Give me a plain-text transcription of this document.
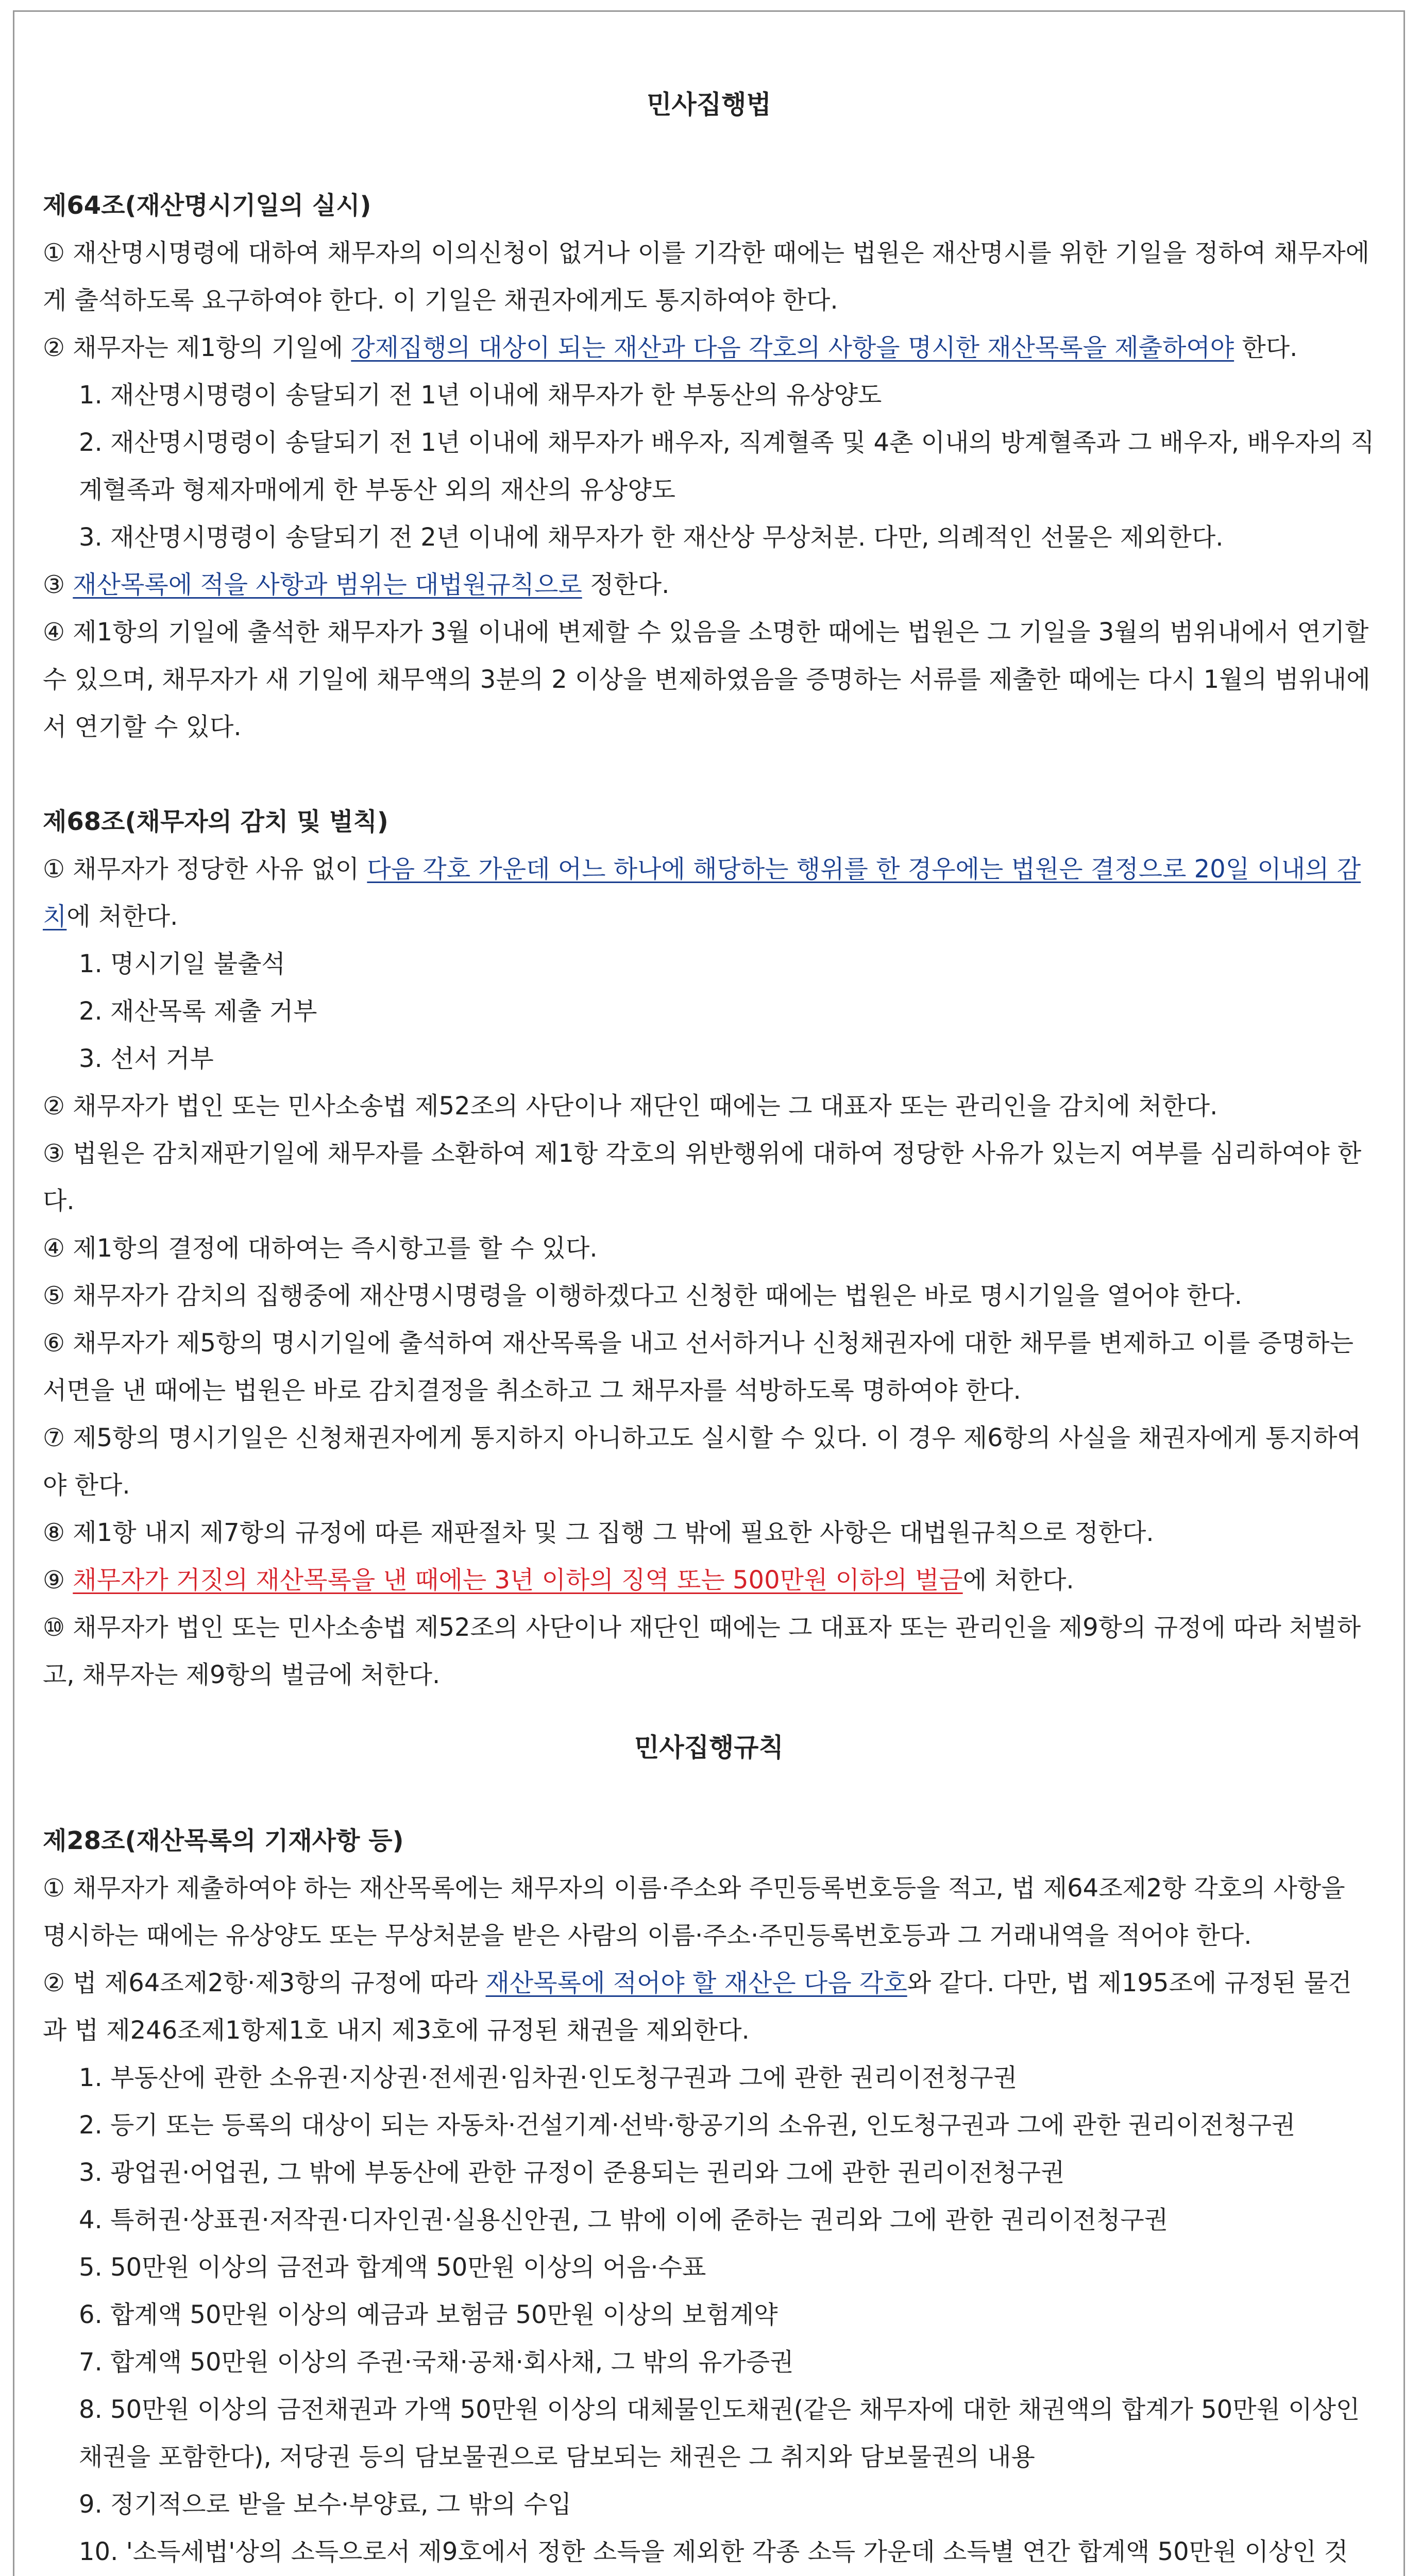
민사집행법
제64조(재산명시기일의 실시)

① 재산명시명령에 대하여 채무자의 이의신청이 없거나 이를 기각한 때에는 법원은 재산명시를 위한 기일을 정하여 채무자에게 출석하도록 요구하여야 한다. 이 기일은 채권자에게도 통지하여야 한다.

② 채무자는 제1항의 기일에 강제집행의 대상이 되는 재산과 다음 각호의 사항을 명시한 재산목록을 제출하여야 한다.

1. 재산명시명령이 송달되기 전 1년 이내에 채무자가 한 부동산의 유상양도

2. 재산명시명령이 송달되기 전 1년 이내에 채무자가 배우자, 직계혈족 및 4촌 이내의 방계혈족과 그 배우자, 배우자의 직계혈족과 형제자매에게 한 부동산 외의 재산의 유상양도

3. 재산명시명령이 송달되기 전 2년 이내에 채무자가 한 재산상 무상처분. 다만, 의례적인 선물은 제외한다.

③ 재산목록에 적을 사항과 범위는 대법원규칙으로 정한다.

④ 제1항의 기일에 출석한 채무자가 3월 이내에 변제할 수 있음을 소명한 때에는 법원은 그 기일을 3월의 범위내에서 연기할 수 있으며, 채무자가 새 기일에 채무액의 3분의 2 이상을 변제하였음을 증명하는 서류를 제출한 때에는 다시 1월의 범위내에서 연기할 수 있다.

제68조(채무자의 감치 및 벌칙)

① 채무자가 정당한 사유 없이 다음 각호 가운데 어느 하나에 해당하는 행위를 한 경우에는 법원은 결정으로 20일 이내의 감치에 처한다.

1. 명시기일 불출석

2. 재산목록 제출 거부

3. 선서 거부

② 채무자가 법인 또는 민사소송법 제52조의 사단이나 재단인 때에는 그 대표자 또는 관리인을 감치에 처한다.

③ 법원은 감치재판기일에 채무자를 소환하여 제1항 각호의 위반행위에 대하여 정당한 사유가 있는지 여부를 심리하여야 한다.

④ 제1항의 결정에 대하여는 즉시항고를 할 수 있다.

⑤ 채무자가 감치의 집행중에 재산명시명령을 이행하겠다고 신청한 때에는 법원은 바로 명시기일을 열어야 한다.

⑥ 채무자가 제5항의 명시기일에 출석하여 재산목록을 내고 선서하거나 신청채권자에 대한 채무를 변제하고 이를 증명하는 서면을 낸 때에는 법원은 바로 감치결정을 취소하고 그 채무자를 석방하도록 명하여야 한다.

⑦ 제5항의 명시기일은 신청채권자에게 통지하지 아니하고도 실시할 수 있다. 이 경우 제6항의 사실을 채권자에게 통지하여야 한다.

⑧ 제1항 내지 제7항의 규정에 따른 재판절차 및 그 집행 그 밖에 필요한 사항은 대법원규칙으로 정한다.

⑨ 채무자가 거짓의 재산목록을 낸 때에는 3년 이하의 징역 또는 500만원 이하의 벌금에 처한다.

⑩ 채무자가 법인 또는 민사소송법 제52조의 사단이나 재단인 때에는 그 대표자 또는 관리인을 제9항의 규정에 따라 처벌하고, 채무자는 제9항의 벌금에 처한다.

민사집행규칙
제28조(재산목록의 기재사항 등)

① 채무자가 제출하여야 하는 재산목록에는 채무자의 이름·주소와 주민등록번호등을 적고, 법 제64조제2항 각호의 사항을 명시하는 때에는 유상양도 또는 무상처분을 받은 사람의 이름·주소·주민등록번호등과 그 거래내역을 적어야 한다.

② 법 제64조제2항·제3항의 규정에 따라 재산목록에 적어야 할 재산은 다음 각호와 같다. 다만, 법 제195조에 규정된 물건과 법 제246조제1항제1호 내지 제3호에 규정된 채권을 제외한다.

1. 부동산에 관한 소유권·지상권·전세권·임차권·인도청구권과 그에 관한 권리이전청구권

2. 등기 또는 등록의 대상이 되는 자동차·건설기계·선박·항공기의 소유권, 인도청구권과 그에 관한 권리이전청구권

3. 광업권·어업권, 그 밖에 부동산에 관한 규정이 준용되는 권리와 그에 관한 권리이전청구권

4. 특허권·상표권·저작권·디자인권·실용신안권, 그 밖에 이에 준하는 권리와 그에 관한 권리이전청구권

5. 50만원 이상의 금전과 합계액 50만원 이상의 어음·수표

6. 합계액 50만원 이상의 예금과 보험금 50만원 이상의 보험계약

7. 합계액 50만원 이상의 주권·국채·공채·회사채, 그 밖의 유가증권

8. 50만원 이상의 금전채권과 가액 50만원 이상의 대체물인도채권(같은 채무자에 대한 채권액의 합계가 50만원 이상인 채권을 포함한다), 저당권 등의 담보물권으로 담보되는 채권은 그 취지와 담보물권의 내용

9. 정기적으로 받을 보수·부양료, 그 밖의 수입

10. '소득세법'상의 소득으로서 제9호에서 정한 소득을 제외한 각종 소득 가운데 소득별 연간 합계액 50만원 이상인 것
